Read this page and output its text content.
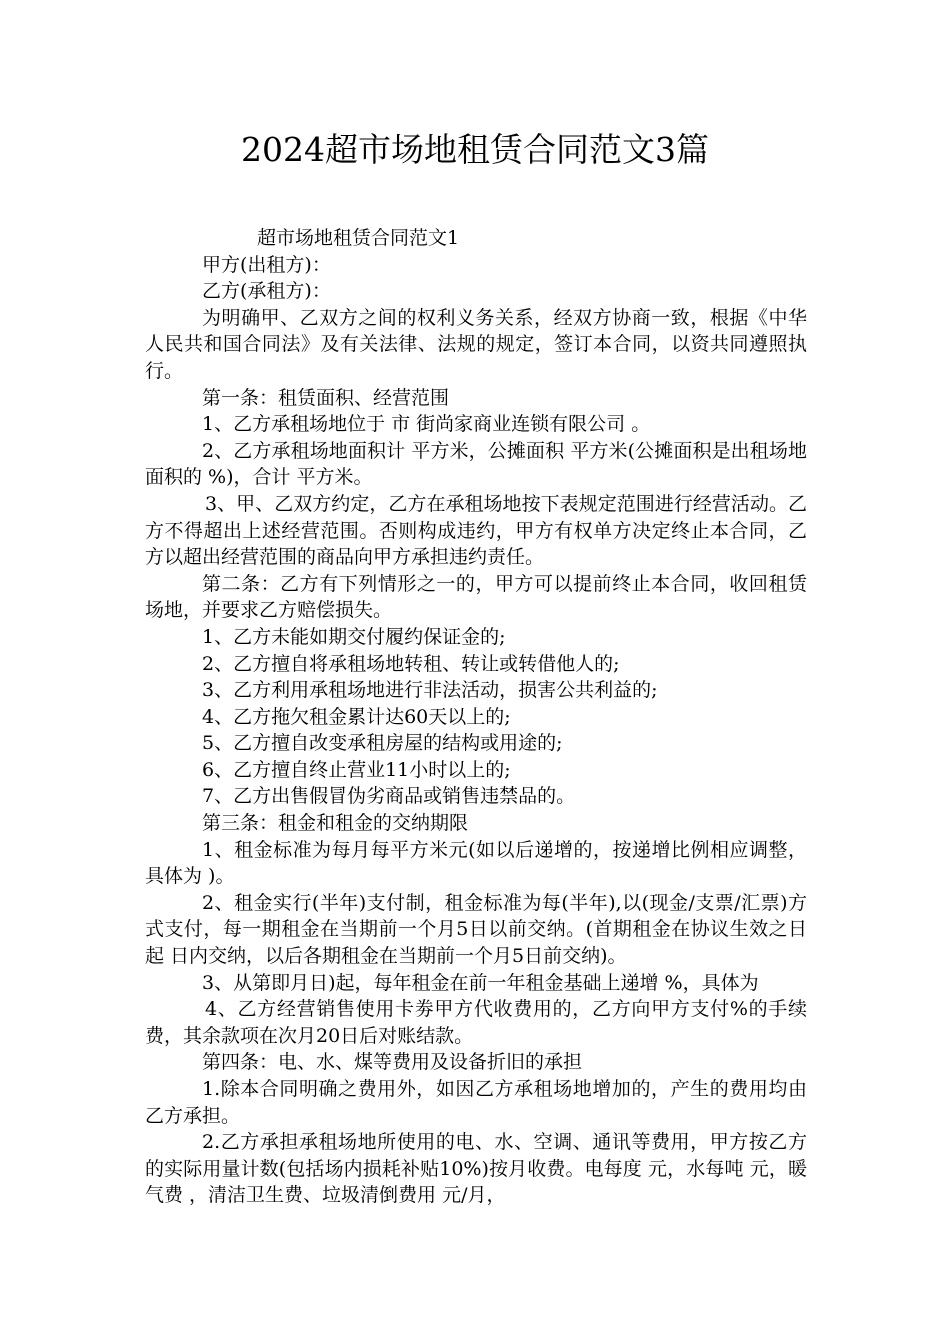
2024超市场地租赁合同范文3篇

超市场地租赁合同范文1

甲方(出租方)：

乙方(承租方)：

为明确甲、乙双方之间的权利义务关系，经双方协商一致，根据《中华人民共和国合同法》及有关法律、法规的规定，签订本合同，以资共同遵照执行。

第一条：租赁面积、经营范围

1、乙方承租场地位于 市 街尚家商业连锁有限公司 。

2、乙方承租场地面积计 平方米，公摊面积 平方米(公摊面积是出租场地面积的 %)，合计 平方米。

3、甲、乙双方约定，乙方在承租场地按下表规定范围进行经营活动。乙方不得超出上述经营范围。否则构成违约，甲方有权单方决定终止本合同，乙方以超出经营范围的商品向甲方承担违约责任。

第二条：乙方有下列情形之一的，甲方可以提前终止本合同，收回租赁场地，并要求乙方赔偿损失。

1、乙方未能如期交付履约保证金的;

2、乙方擅自将承租场地转租、转让或转借他人的;

3、乙方利用承租场地进行非法活动，损害公共利益的;

4、乙方拖欠租金累计达60天以上的;

5、乙方擅自改变承租房屋的结构或用途的;

6、乙方擅自终止营业11小时以上的;

7、乙方出售假冒伪劣商品或销售违禁品的。

第三条：租金和租金的交纳期限

1、租金标准为每月每平方米元(如以后递增的，按递增比例相应调整，具体为 )。

2、租金实行(半年)支付制，租金标准为每(半年),以(现金/支票/汇票)方式支付，每一期租金在当期前一个月5日以前交纳。(首期租金在协议生效之日起 日内交纳，以后各期租金在当期前一个月5日前交纳)。

3、从第即月日)起，每年租金在前一年租金基础上递增 %，具体为

4、乙方经营销售使用卡劵甲方代收费用的，乙方向甲方支付%的手续费，其余款项在次月20日后对账结款。

第四条：电、水、煤等费用及设备折旧的承担

1.除本合同明确之费用外，如因乙方承租场地增加的，产生的费用均由乙方承担。

2.乙方承担承租场地所使用的电、水、空调、通讯等费用，甲方按乙方的实际用量计数(包括场内损耗补贴10%)按月收费。电每度 元，水每吨 元，暖气费 ，清洁卫生费、垃圾清倒费用 元/月，
